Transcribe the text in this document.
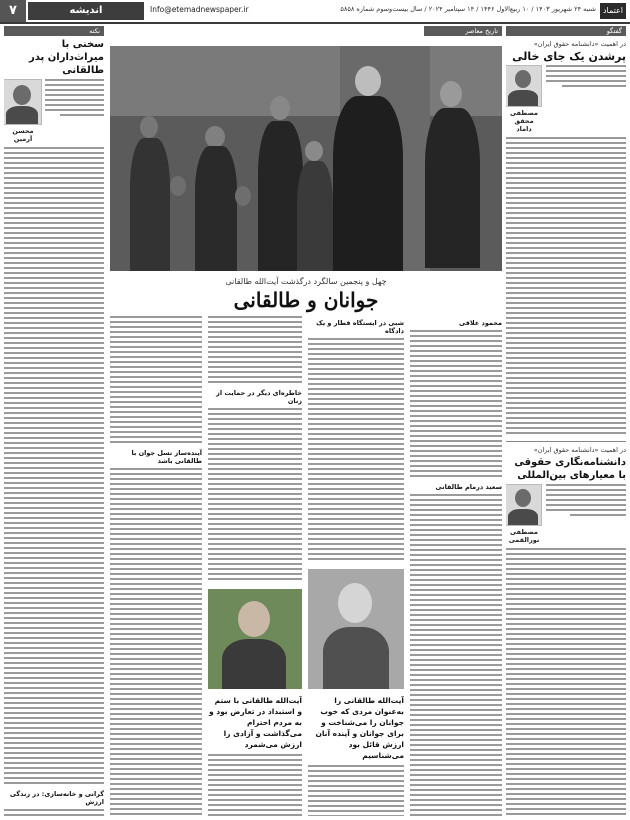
اعتماد
شنبه ۲۴ شهریور ۱۴۰۳ / ۱۰ ربیع‌الاول ۱۴۴۶ / ۱۴ سپتامبر ۲۰۲۴ / سال بیست‌وسوم شماره ۵۸۵۸
Info@etemadnewspaper.ir
اندیشه
۷
گفتگو
در اهمیت «دانشنامه حقوق ایران»
پرشدن یک جای خالی
مصطفی محقق داماد
در اهمیت «دانشنامه حقوق ایران»
دانشنامه‌نگاری حقوقی با معیارهای بین‌المللی
مصطفی نورالقمی
تاریخ معاصر
چهل و پنجمین سالگرد درگذشت آیت‌الله طالقانی
جوانان و طالقانی
محمود علاقی
سعید درمام طالقانی
شبی در ایستگاه قطار و یک دادگاه
آیت‌الله طالقانی را به‌عنوان مردی که خوب جوانان را می‌شناخت و برای جوانان و آینده آنان ارزش قائل بود می‌شناسیم
خاطره‌ای دیگر در حمایت از زنان
آیت‌الله طالقانی با ستم و استبداد در تعارض بود و به مردم احترام می‌گذاشت و آزادی را ارزش می‌شمرد
آینده‌ساز نسل جوان با طالقانی باشد
نکته
سخنی با میراث‌داران پدر طالقانی
محسن آرمین
گرانی و خانه‌سازی: در زندگی ارزش
